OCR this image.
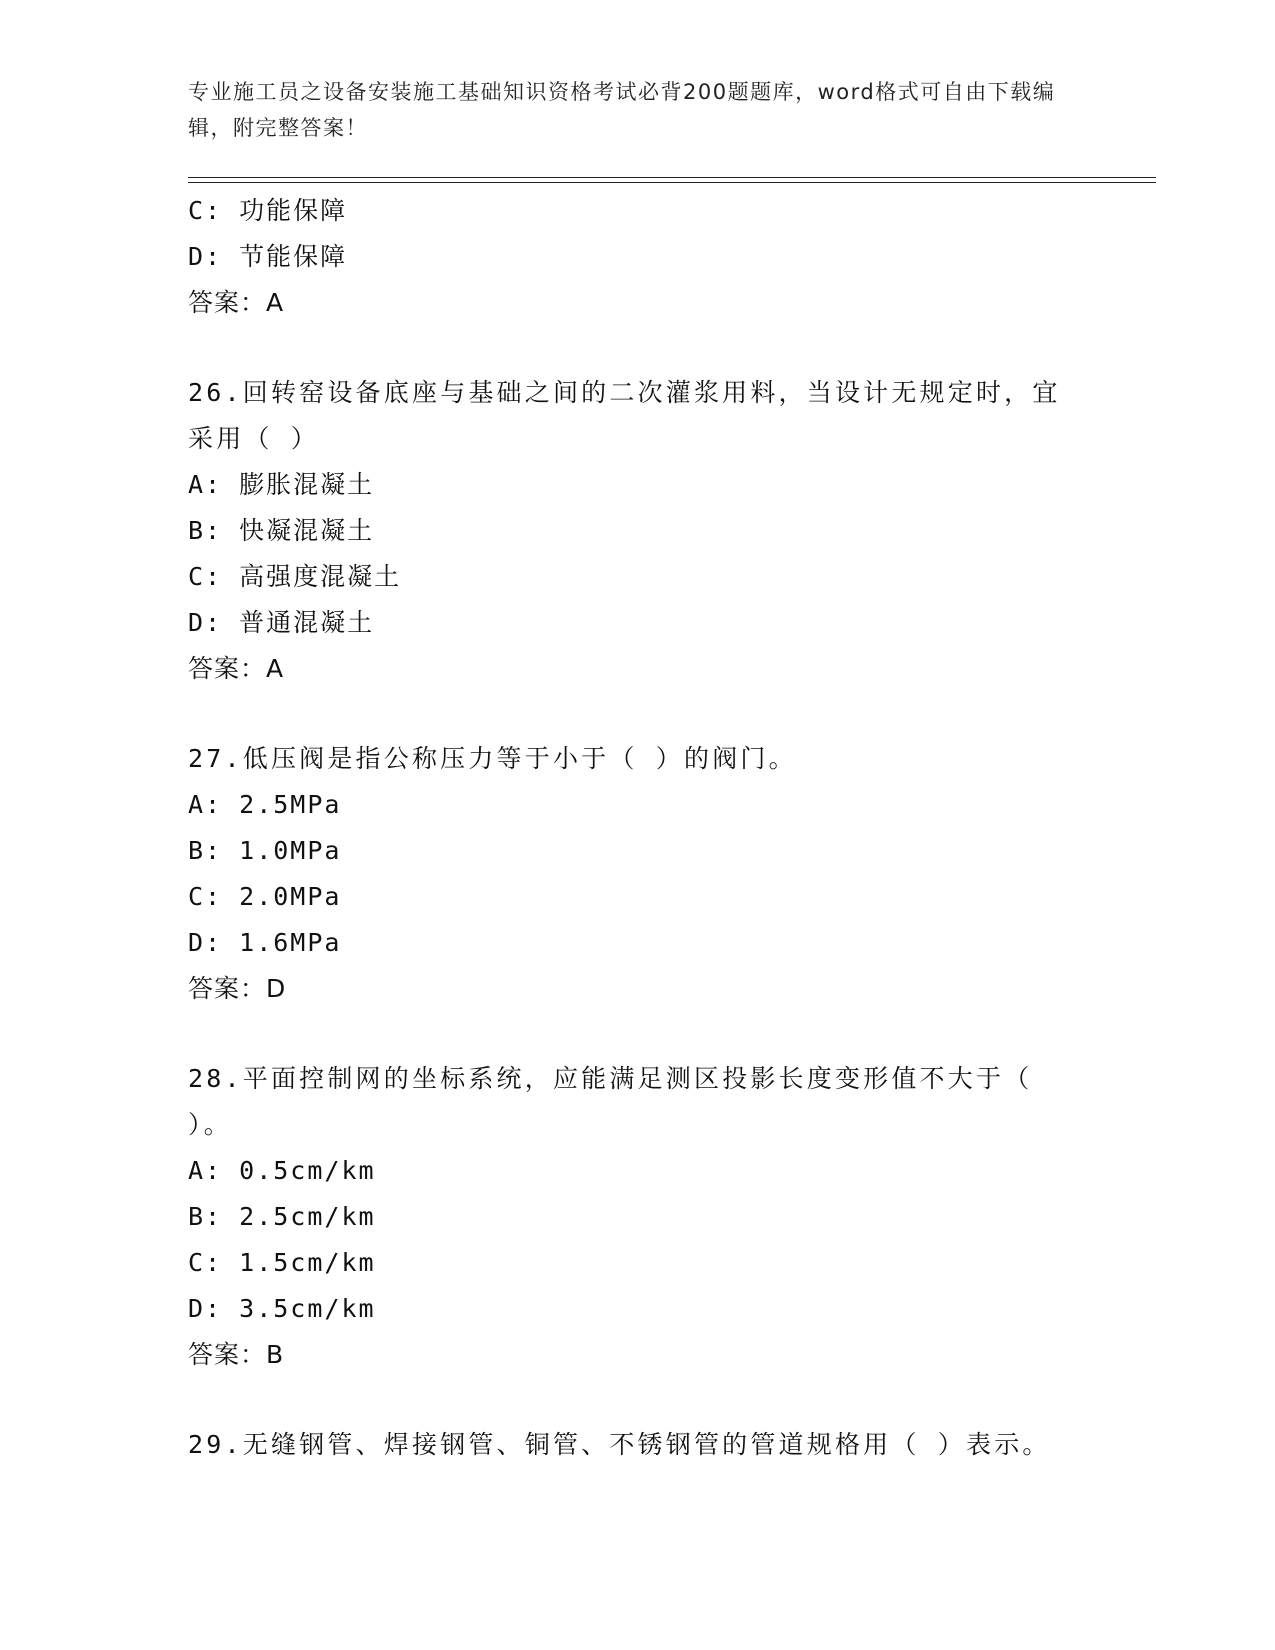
专业施工员之设备安装施工基础知识资格考试必背200题题库，word格式可自由下载编辑，附完整答案！
C: 功能保障
D: 节能保障
答案：A
26.回转窑设备底座与基础之间的二次灌浆用料，当设计无规定时，宜采用（ ）
A: 膨胀混凝土
B: 快凝混凝土
C: 高强度混凝土
D: 普通混凝土
答案：A
27.低压阀是指公称压力等于小于（ ）的阀门。
A: 2.5MPa
B: 1.0MPa
C: 2.0MPa
D: 1.6MPa
答案：D
28.平面控制网的坐标系统，应能满足测区投影长度变形值不大于（ ）。
A: 0.5cm/km
B: 2.5cm/km
C: 1.5cm/km
D: 3.5cm/km
答案：B
29.无缝钢管、焊接钢管、铜管、不锈钢管的管道规格用（ ）表示。
